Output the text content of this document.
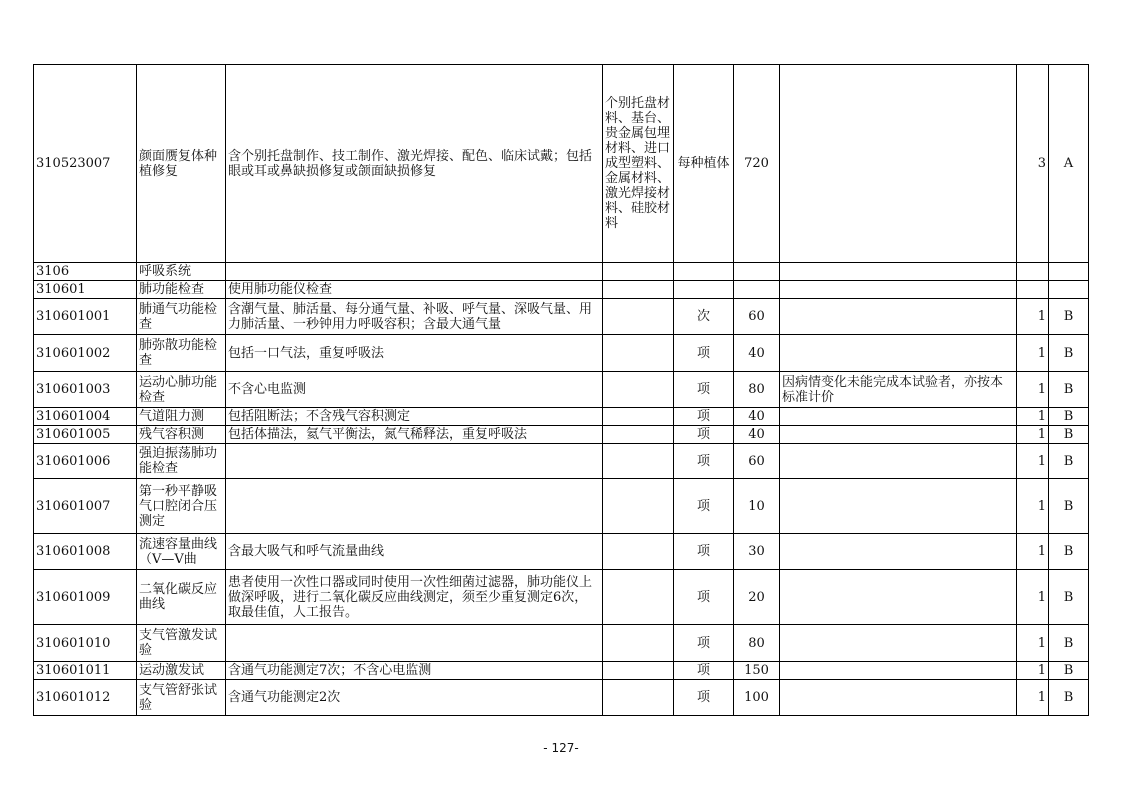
310523007	颜面赝复体种植修复	含个别托盘制作、技工制作、激光焊接、配色、临床试戴；包括眼或耳或鼻缺损修复或颌面缺损修复	个别托盘材料、基台、贵金属包埋材料、进口成型塑料、金属材料、激光焊接材料、硅胶材料	每种植体	720		3	A
3106	呼吸系统							
310601	肺功能检查	使用肺功能仪检查						
310601001	肺通气功能检查	含潮气量、肺活量、每分通气量、补吸、呼气量、深吸气量、用力肺活量、一秒钟用力呼吸容积；含最大通气量		次	60		1	B
310601002	肺弥散功能检查	包括一口气法，重复呼吸法		项	40		1	B
310601003	运动心肺功能检查	不含心电监测		项	80	因病情变化未能完成本试验者，亦按本标准计价	1	B
310601004	气道阻力测	包括阻断法；不含残气容积测定		项	40		1	B
310601005	残气容积测	包括体描法，氦气平衡法，氮气稀释法，重复呼吸法		项	40		1	B
310601006	强迫振荡肺功能检查			项	60		1	B
310601007	第一秒平静吸气口腔闭合压测定			项	10		1	B
310601008	流速容量曲线（V—V曲	含最大吸气和呼气流量曲线		项	30		1	B
310601009	二氧化碳反应曲线	患者使用一次性口器或同时使用一次性细菌过滤器，肺功能仪上做深呼吸，进行二氧化碳反应曲线测定，须至少重复测定6次，取最佳值，人工报告。		项	20		1	B
310601010	支气管激发试验			项	80		1	B
310601011	运动激发试	含通气功能测定7次；不含心电监测		项	150		1	B
310601012	支气管舒张试验	含通气功能测定2次		项	100		1	B
- 127-
